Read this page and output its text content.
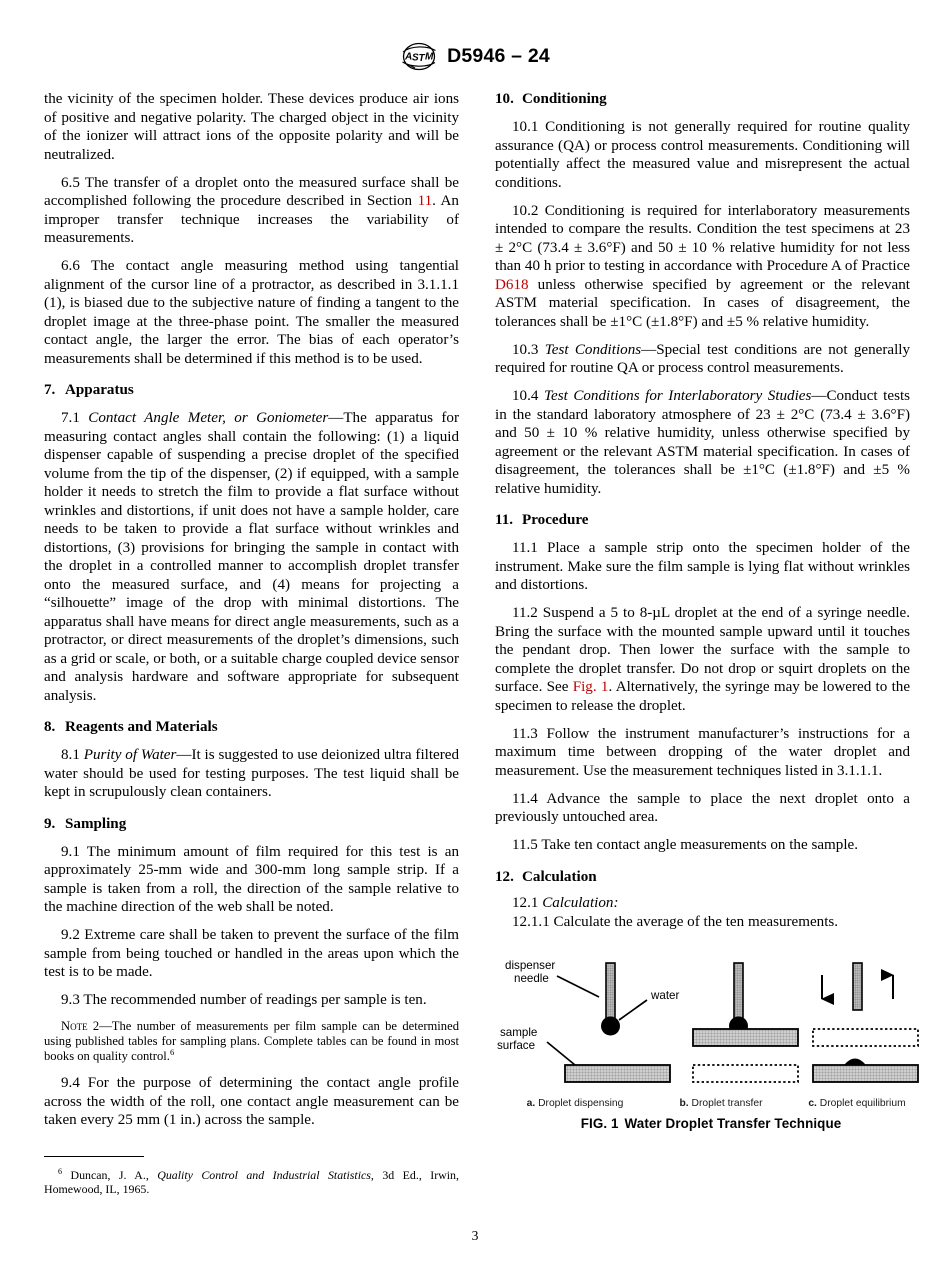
A S T M D5946 – 24

the vicinity of the specimen holder. These devices produce air ions of positive and negative polarity. The charged object in the vicinity of the ionizer will attract ions of the opposite polarity and will be neutralized.

6.5 The transfer of a droplet onto the measured surface shall be accomplished following the procedure described in Section 11. An improper transfer technique increases the variability of measurements.

6.6 The contact angle measuring method using tangential alignment of the cursor line of a protractor, as described in 3.1.1.1 (1), is biased due to the subjective nature of finding a tangent to the droplet image at the three-phase point. The smaller the measured contact angle, the larger the error. The bias of each operator’s measurements shall be determined if this method is to be used.

7. Apparatus

7.1 Contact Angle Meter, or Goniometer—The apparatus for measuring contact angles shall contain the following: (1) a liquid dispenser capable of suspending a precise droplet of the specified volume from the tip of the dispenser, (2) if equipped, with a sample holder it needs to stretch the film to provide a flat surface without wrinkles and distortions, if unit does not have a sample holder, care needs to be taken to provide a flat surface without wrinkles and distortions, (3) provisions for bringing the sample in contact with the droplet in a controlled manner to accomplish droplet transfer onto the measured surface, and (4) means for projecting a “silhouette” image of the drop with minimal distortions. The apparatus shall have means for direct angle measurements, such as a protractor, or direct measurements of the droplet’s dimensions, such as a grid or scale, or both, or a suitable charge coupled device sensor and analysis hardware and software appropriate for subsequent analysis.

8. Reagents and Materials

8.1 Purity of Water—It is suggested to use deionized ultra filtered water should be used for testing purposes. The test liquid shall be kept in scrupulously clean containers.

9. Sampling

9.1 The minimum amount of film required for this test is an approximately 25-mm wide and 300-mm long sample strip. If a sample is taken from a roll, the direction of the sample relative to the machine direction of the web shall be noted.

9.2 Extreme care shall be taken to prevent the surface of the film sample from being touched or handled in the areas upon which the test is to be made.

9.3 The recommended number of readings per sample is ten.

Note 2—The number of measurements per film sample can be determined using published tables for sampling plans. Complete tables can be found in most books on quality control.$^6$

9.4 For the purpose of determining the contact angle profile across the width of the roll, one contact angle measurement can be taken every 25 mm (1 in.) across the sample.

$^6$ Duncan, J. A., Quality Control and Industrial Statistics, 3d Ed., Irwin, Homewood, IL, 1965.

10. Conditioning

10.1 Conditioning is not generally required for routine quality assurance (QA) or process control measurements. Conditioning will potentially affect the measured value and misrepresent the actual conditions.

10.2 Conditioning is required for interlaboratory measurements intended to compare the results. Condition the test specimens at 23 ± 2°C (73.4 ± 3.6°F) and 50 ± 10 % relative humidity for not less than 40 h prior to testing in accordance with Procedure A of Practice D618 unless otherwise specified by agreement or the relevant ASTM material specification. In cases of disagreement, the tolerances shall be ±1°C (±1.8°F) and ±5 % relative humidity.

10.3 Test Conditions—Special test conditions are not generally required for routine QA or process control measurements.

10.4 Test Conditions for Interlaboratory Studies—Conduct tests in the standard laboratory atmosphere of 23 ± 2°C (73.4 ± 3.6°F) and 50 ± 10 % relative humidity, unless otherwise specified by agreement or the relevant ASTM material specification. In cases of disagreement, the tolerances shall be ±1°C (±1.8°F) and ±5 % relative humidity.

11. Procedure

11.1 Place a sample strip onto the specimen holder of the instrument. Make sure the film sample is lying flat without wrinkles and distortions.

11.2 Suspend a 5 to 8-µL droplet at the end of a syringe needle. Bring the surface with the mounted sample upward until it touches the pendant drop. Then lower the surface with the sample to complete the droplet transfer. Do not drop or squirt droplets on the surface. See Fig. 1. Alternatively, the syringe may be lowered to the specimen to release the droplet.

11.3 Follow the instrument manufacturer’s instructions for a maximum time between dropping of the water droplet and measurement. Use the measurement techniques listed in 3.1.1.1.

11.4 Advance the sample to place the next droplet onto a previously untouched area.

11.5 Take ten contact angle measurements on the sample.

12. Calculation

12.1 Calculation:

12.1.1 Calculate the average of the ten measurements.

dispenser
needle
water
sample
surface
a. Droplet dispensing	b. Droplet transfer	c. Droplet equilibrium
FIG. 1 Water Droplet Transfer Technique
3
